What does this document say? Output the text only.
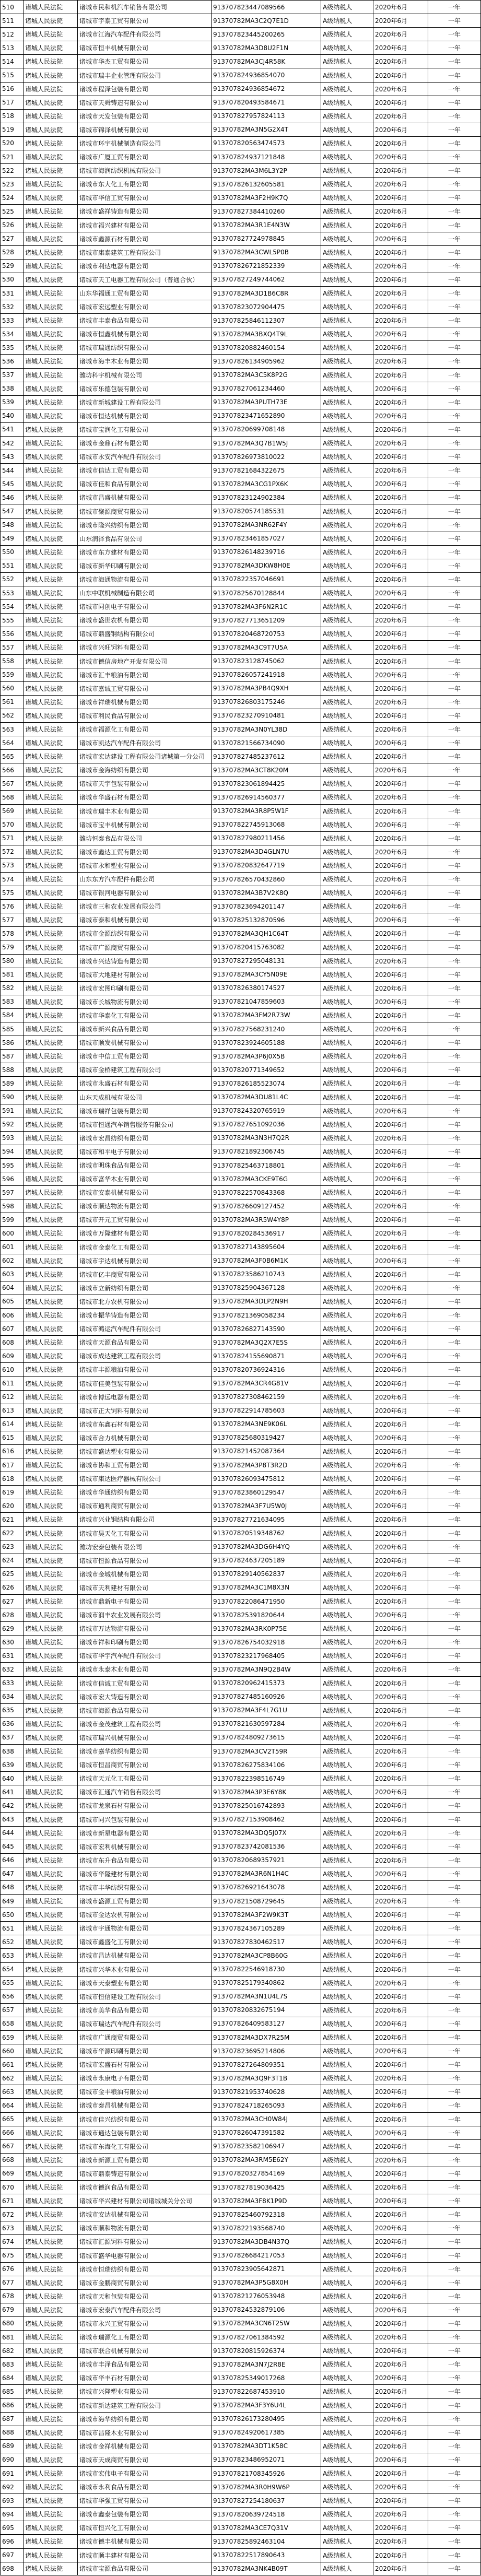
510	诸城人民法院	诸城市民和机汽车销售有限公司	913707823447089566	A级纳税人	2020年6月	一年
511	诸城人民法院	诸城市宇泰工贸有限公司	91370782MA3C2Q7E1D	A级纳税人	2020年6月	一年
512	诸城人民法院	诸城市江海汽车配件有限公司	913707823445200265	A级纳税人	2020年6月	一年
513	诸城人民法院	诸城市恒丰机械有限公司	91370782MA3D8U2F1N	A级纳税人	2020年6月	一年
514	诸城人民法院	诸城市华杰工贸有限公司	91370782MA3CJ4R58K	A级纳税人	2020年6月	一年
515	诸城人民法院	诸城市瑞丰企业管理有限公司	913707824936854070	A级纳税人	2020年6月	一年
516	诸城人民法院	诸城市程泽包装有限公司	913707824936854672	A级纳税人	2020年6月	一年
517	诸城人民法院	诸城市天舜铸造有限公司	913707820493584671	A级纳税人	2020年6月	一年
518	诸城人民法院	诸城市天发包装有限公司	913707827957824113	A级纳税人	2020年6月	一年
519	诸城人民法院	诸城市锦泽机械有限公司	91370782MA3N5G2X4T	A级纳税人	2020年6月	一年
520	诸城人民法院	诸城市环宇机械制造有限公司	913707820563474573	A级纳税人	2020年6月	一年
521	诸城人民法院	诸城市广厦工贸有限公司	913707824937121848	A级纳税人	2020年6月	一年
522	诸城人民法院	诸城市海润纺织机械有限公司	91370782MA3M6L3Y2P	A级纳税人	2020年6月	一年
523	诸城人民法院	诸城市东大化工有限公司	913707826132605581	A级纳税人	2020年6月	一年
524	诸城人民法院	诸城市华信工贸有限公司	91370782MA3F2H9K7Q	A级纳税人	2020年6月	一年
525	诸城人民法院	诸城市盛祥铸造有限公司	913707827384410260	A级纳税人	2020年6月	一年
526	诸城人民法院	诸城市福兴建材有限公司	91370782MA3R1E4N3W	A级纳税人	2020年6月	一年
527	诸城人民法院	诸城市鑫源石材有限公司	913707827724978845	A级纳税人	2020年6月	一年
528	诸城人民法院	诸城市康泰建筑工程有限公司	91370782MA3CWL5P0B	A级纳税人	2020年6月	一年
529	诸城人民法院	诸城市利达电器有限公司	913707826721852339	A级纳税人	2020年6月	一年
530	诸城人民法院	诸城市天工电器工程有限公司（普通合伙）	913707827249744062	A级纳税人	2020年6月	一年
531	诸城人民法院	山东华福通工贸有限公司	91370782MA3D1B6C8R	A级纳税人	2020年6月	一年
532	诸城人民法院	诸城市宏远塑业有限公司	913707823072904475	A级纳税人	2020年6月	一年
533	诸城人民法院	诸城市丰泰食品有限公司	913707825846112307	A级纳税人	2020年6月	一年
534	诸城人民法院	诸城市恒鑫机械有限公司	91370782MA3BXQ4T9L	A级纳税人	2020年6月	一年
535	诸城人民法院	诸城市瑞通纺织有限公司	913707820882460154	A级纳税人	2020年6月	一年
536	诸城人民法院	诸城市海丰木业有限公司	913707826134905962	A级纳税人	2020年6月	一年
537	诸城人民法院	潍坊科宇机械有限公司	91370782MA3C5K8P2G	A级纳税人	2020年6月	一年
538	诸城人民法院	诸城市乐德包装有限公司	913707827061234460	A级纳税人	2020年6月	一年
539	诸城人民法院	诸城市新城建设工程有限公司	91370782MA3PUTH73E	A级纳税人	2020年6月	一年
540	诸城人民法院	诸城市恒达机械有限公司	913707823471652890	A级纳税人	2020年6月	一年
541	诸城人民法院	诸城市宝润化工有限公司	913707820699708148	A级纳税人	2020年6月	一年
542	诸城人民法院	诸城市金鼎石材有限公司	91370782MA3Q7B1W5J	A级纳税人	2020年6月	一年
543	诸城人民法院	诸城市永安汽车配件有限公司	913707826973810022	A级纳税人	2020年6月	一年
544	诸城人民法院	诸城市信达工贸有限公司	913707821684322675	A级纳税人	2020年6月	一年
545	诸城人民法院	诸城市佳和食品有限公司	91370782MA3CG1PX6K	A级纳税人	2020年6月	一年
546	诸城人民法院	诸城市昌盛机械有限公司	913707823124902384	A级纳税人	2020年6月	一年
547	诸城人民法院	诸城市聚源商贸有限公司	913707820574185531	A级纳税人	2020年6月	一年
548	诸城人民法院	诸城市隆兴纺织有限公司	91370782MA3NR62F4Y	A级纳税人	2020年6月	一年
549	诸城人民法院	山东润泽食品有限公司	913707823461857027	A级纳税人	2020年6月	一年
550	诸城人民法院	诸城市东方建材有限公司	913707826148239716	A级纳税人	2020年6月	一年
551	诸城人民法院	诸城市新华印刷有限公司	91370782MA3DKW8H0E	A级纳税人	2020年6月	一年
552	诸城人民法院	诸城市海通物流有限公司	913707822357046691	A级纳税人	2020年6月	一年
553	诸城人民法院	山东中联机械制造有限公司	913707825670128844	A级纳税人	2020年6月	一年
554	诸城人民法院	诸城市同创电子有限公司	91370782MA3F6N2R1C	A级纳税人	2020年6月	一年
555	诸城人民法院	诸城市盛世农机有限公司	913707827713651209	A级纳税人	2020年6月	一年
556	诸城人民法院	诸城市鼎盛钢结构有限公司	913707820468720753	A级纳税人	2020年6月	一年
557	诸城人民法院	诸城市兴旺饲料有限公司	91370782MA3C9T7U5A	A级纳税人	2020年6月	一年
558	诸城人民法院	诸城市德信房地产开发有限公司	913707823128745062	A级纳税人	2020年6月	一年
559	诸城人民法院	诸城市汇丰粮油有限公司	913707826057241918	A级纳税人	2020年6月	一年
560	诸城人民法院	诸城市嘉诚工贸有限公司	91370782MA3PB4Q9XH	A级纳税人	2020年6月	一年
561	诸城人民法院	诸城市祥瑞机械有限公司	913707826803175246	A级纳税人	2020年6月	一年
562	诸城人民法院	诸城市利民食品有限公司	913707823270910481	A级纳税人	2020年6月	一年
563	诸城人民法院	诸城市福源化工有限公司	91370782MA3N0YL38D	A级纳税人	2020年6月	一年
564	诸城人民法院	诸城市凯达汽车配件有限公司	913707821566734090	A级纳税人	2020年6月	一年
565	诸城人民法院	诸城市宏达建设工程有限公司诸城第一分公司	913707827485237612	A级纳税人	2020年6月	一年
566	诸城人民法院	诸城市金海纺织有限公司	91370782MA3CT8K20M	A级纳税人	2020年6月	一年
567	诸城人民法院	诸城市天宇包装有限公司	913707823061894425	A级纳税人	2020年6月	一年
568	诸城人民法院	诸城市华盛石材有限公司	913707826914560377	A级纳税人	2020年6月	一年
569	诸城人民法院	诸城市瑞丰木业有限公司	91370782MA3R8P5W1F	A级纳税人	2020年6月	一年
570	诸城人民法院	诸城市宝丰机械有限公司	913707822745913068	A级纳税人	2020年6月	一年
571	诸城人民法院	潍坊恒泰食品有限公司	913707827980211456	A级纳税人	2020年6月	一年
572	诸城人民法院	诸城市鑫达工贸有限公司	91370782MA3D4GLN7U	A级纳税人	2020年6月	一年
573	诸城人民法院	诸城市永和塑业有限公司	913707820832647719	A级纳税人	2020年6月	一年
574	诸城人民法院	山东东方汽车配件有限公司	913707826570432860	A级纳税人	2020年6月	一年
575	诸城人民法院	诸城市银河电器有限公司	91370782MA3B7V2K8Q	A级纳税人	2020年6月	一年
576	诸城人民法院	诸城市三和农业发展有限公司	913707823694201147	A级纳税人	2020年6月	一年
577	诸城人民法院	诸城市泰和机械有限公司	913707825132870596	A级纳税人	2020年6月	一年
578	诸城人民法院	诸城市金源纺织有限公司	91370782MA3QH1C64T	A级纳税人	2020年6月	一年
579	诸城人民法院	诸城市广源商贸有限公司	913707820415763082	A级纳税人	2020年6月	一年
580	诸城人民法院	诸城市兴达铸造有限公司	913707827295048131	A级纳税人	2020年6月	一年
581	诸城人民法院	诸城市大地建材有限公司	91370782MA3CY5N09E	A级纳税人	2020年6月	一年
582	诸城人民法院	诸城市宏图印刷有限公司	913707826380174527	A级纳税人	2020年6月	一年
583	诸城人民法院	诸城市长城物流有限公司	913707821047859603	A级纳税人	2020年6月	一年
584	诸城人民法院	诸城市华泰化工有限公司	91370782MA3FM2R73W	A级纳税人	2020年6月	一年
585	诸城人民法院	诸城市新兴食品有限公司	913707827568231240	A级纳税人	2020年6月	一年
586	诸城人民法院	诸城市顺发机械有限公司	913707823924605188	A级纳税人	2020年6月	一年
587	诸城人民法院	诸城市中信工贸有限公司	91370782MA3P6J0X5B	A级纳税人	2020年6月	一年
588	诸城人民法院	诸城市金桥建筑工程有限公司	913707820771349652	A级纳税人	2020年6月	一年
589	诸城人民法院	诸城市永盛石材有限公司	913707826185523074	A级纳税人	2020年6月	一年
590	诸城人民法院	山东天成机械有限公司	91370782MA3DU81L4C	A级纳税人	2020年6月	一年
591	诸城人民法院	诸城市瑞祥包装有限公司	913707824320765919	A级纳税人	2020年6月	一年
592	诸城人民法院	诸城市恒通汽车销售服务有限公司	913707827651092036	A级纳税人	2020年6月	一年
593	诸城人民法院	诸城市宏昌纺织有限公司	91370782MA3N3H7Q2R	A级纳税人	2020年6月	一年
594	诸城人民法院	诸城市和平电子有限公司	913707821892306745	A级纳税人	2020年6月	一年
595	诸城人民法院	诸城市明珠食品有限公司	913707825463718801	A级纳税人	2020年6月	一年
596	诸城人民法院	诸城市富华木业有限公司	91370782MA3CKE9T6G	A级纳税人	2020年6月	一年
597	诸城人民法院	诸城市安泰机械有限公司	913707822570843368	A级纳税人	2020年6月	一年
598	诸城人民法院	诸城市顺达物流有限公司	913707826609127452	A级纳税人	2020年6月	一年
599	诸城人民法院	诸城市开元工贸有限公司	91370782MA3R5W4Y8P	A级纳税人	2020年6月	一年
600	诸城人民法院	诸城市万隆建材有限公司	913707820284536917	A级纳税人	2020年6月	一年
601	诸城人民法院	诸城市金泰化工有限公司	913707827143895604	A级纳税人	2020年6月	一年
602	诸城人民法院	诸城市宇达机械有限公司	91370782MA3F0B6M1K	A级纳税人	2020年6月	一年
603	诸城人民法院	诸城市亿丰商贸有限公司	913707823586210743	A级纳税人	2020年6月	一年
604	诸城人民法院	诸城市立新纺织有限公司	913707825904367128	A级纳税人	2020年6月	一年
605	诸城人民法院	诸城市北方农机有限公司	91370782MA3DLP2N9H	A级纳税人	2020年6月	一年
606	诸城人民法院	诸城市振华铸造有限公司	913707821369058234	A级纳税人	2020年6月	一年
607	诸城人民法院	诸城市鸿运汽车配件有限公司	913707826827143590	A级纳税人	2020年6月	一年
608	诸城人民法院	诸城市天源食品有限公司	91370782MA3Q2X7E5S	A级纳税人	2020年6月	一年
609	诸城人民法院	诸城市成达建筑工程有限公司	913707824155690871	A级纳税人	2020年6月	一年
610	诸城人民法院	诸城市丰源粮油有限公司	913707820736924316	A级纳税人	2020年6月	一年
611	诸城人民法院	诸城市佳美包装有限公司	91370782MA3CR4G81V	A级纳税人	2020年6月	一年
612	诸城人民法院	诸城市博远电器有限公司	913707827308462159	A级纳税人	2020年6月	一年
613	诸城人民法院	诸城市正大饲料有限公司	913707822914785603	A级纳税人	2020年6月	一年
614	诸城人民法院	诸城市东鑫石材有限公司	91370782MA3NE9K06L	A级纳税人	2020年6月	一年
615	诸城人民法院	诸城市合力机械有限公司	913707825680319427	A级纳税人	2020年6月	一年
616	诸城人民法院	诸城市盛达塑业有限公司	913707821452087364	A级纳税人	2020年6月	一年
617	诸城人民法院	诸城市协和工贸有限公司	91370782MA3P8T3R2D	A级纳税人	2020年6月	一年
618	诸城人民法院	诸城市康达医疗器械有限公司	913707826093475812	A级纳税人	2020年6月	一年
619	诸城人民法院	诸城市华通纺织有限公司	913707823860129547	A级纳税人	2020年6月	一年
620	诸城人民法院	诸城市通利商贸有限公司	91370782MA3F7U5W0J	A级纳税人	2020年6月	一年
621	诸城人民法院	诸城市兴业钢结构有限公司	913707827721634095	A级纳税人	2020年6月	一年
622	诸城人民法院	诸城市昊天化工有限公司	913707820519348762	A级纳税人	2020年6月	一年
623	诸城人民法院	潍坊宏泰包装有限公司	91370782MA3DG6H4YQ	A级纳税人	2020年6月	一年
624	诸城人民法院	诸城市恒源食品有限公司	913707824637205189	A级纳税人	2020年6月	一年
625	诸城人民法院	诸城市金城机械有限公司	913707829140562837	A级纳税人	2020年6月	一年
626	诸城人民法院	诸城市天利建材有限公司	91370782MA3C1M8X3N	A级纳税人	2020年6月	一年
627	诸城人民法院	诸城市鼎新电子有限公司	913707822086471950	A级纳税人	2020年6月	一年
628	诸城人民法院	诸城市润丰农业发展有限公司	913707825391820644	A级纳税人	2020年6月	一年
629	诸城人民法院	诸城市万达物流有限公司	91370782MA3RK0P75E	A级纳税人	2020年6月	一年
630	诸城人民法院	诸城市祥和印刷有限公司	913707826754032918	A级纳税人	2020年6月	一年
631	诸城人民法院	诸城市华宇汽车配件有限公司	913707823217968405	A级纳税人	2020年6月	一年
632	诸城人民法院	诸城市永泰木业有限公司	91370782MA3N9Q2B4W	A级纳税人	2020年6月	一年
633	诸城人民法院	诸城市信诚工贸有限公司	913707820962415373	A级纳税人	2020年6月	一年
634	诸城人民法院	诸城市宏大铸造有限公司	913707827485160926	A级纳税人	2020年6月	一年
635	诸城人民法院	诸城市海源食品有限公司	91370782MA3F4L7G1U	A级纳税人	2020年6月	一年
636	诸城人民法院	诸城市金茂建筑工程有限公司	913707821630597284	A级纳税人	2020年6月	一年
637	诸城人民法院	诸城市瑞兴机械有限公司	913707824809273615	A级纳税人	2020年6月	一年
638	诸城人民法院	诸城市嘉华纺织有限公司	91370782MA3CV2T59R	A级纳税人	2020年6月	一年
639	诸城人民法院	诸城市恒昌商贸有限公司	913707826275834106	A级纳税人	2020年6月	一年
640	诸城人民法院	诸城市天元化工有限公司	913707822398516749	A级纳税人	2020年6月	一年
641	诸城人民法院	诸城市汇通汽车销售有限公司	91370782MA3P3E6Y8K	A级纳税人	2020年6月	一年
642	诸城人民法院	诸城市龙泉石材有限公司	913707825016742893	A级纳税人	2020年6月	一年
643	诸城人民法院	诸城市同兴包装有限公司	913707827153908462	A级纳税人	2020年6月	一年
644	诸城人民法院	诸城市新星电器有限公司	91370782MA3DQ5J07X	A级纳税人	2020年6月	一年
645	诸城人民法院	诸城市宏利机械有限公司	913707823742081536	A级纳税人	2020年6月	一年
646	诸城人民法院	诸城市东升食品有限公司	913707820689357921	A级纳税人	2020年6月	一年
647	诸城人民法院	诸城市华隆建材有限公司	91370782MA3R6N1H4C	A级纳税人	2020年6月	一年
648	诸城人民法院	诸城市丰华纺织有限公司	913707826921643078	A级纳税人	2020年6月	一年
649	诸城人民法院	诸城市盛源工贸有限公司	913707821508729645	A级纳税人	2020年6月	一年
650	诸城人民法院	诸城市金达农机有限公司	91370782MA3F2W9K3T	A级纳税人	2020年6月	一年
651	诸城人民法院	诸城市宇通物流有限公司	913707824367105289	A级纳税人	2020年6月	一年
652	诸城人民法院	诸城市鑫盛化工有限公司	913707827830462517	A级纳税人	2020年6月	一年
653	诸城人民法院	诸城市昌达机械有限公司	91370782MA3CP8B60G	A级纳税人	2020年6月	一年
654	诸城人民法院	诸城市兴华木业有限公司	913707822546918730	A级纳税人	2020年6月	一年
655	诸城人民法院	诸城市天泰塑业有限公司	913707825179340862	A级纳税人	2020年6月	一年
656	诸城人民法院	诸城市恒信建设工程有限公司	91370782MA3N1U4L7S	A级纳税人	2020年6月	一年
657	诸城人民法院	诸城市美华食品有限公司	913707820832675194	A级纳税人	2020年6月	一年
658	诸城人民法院	诸城市瑞达汽车配件有限公司	913707826409583127	A级纳税人	2020年6月	一年
659	诸城人民法院	诸城市广通商贸有限公司	91370782MA3DX7R25M	A级纳税人	2020年6月	一年
660	诸城人民法院	诸城市华源印刷有限公司	913707823695214806	A级纳税人	2020年6月	一年
661	诸城人民法院	诸城市宏盛石材有限公司	913707827264809351	A级纳税人	2020年6月	一年
662	诸城人民法院	诸城市永康电子有限公司	91370782MA3Q9F3T1B	A级纳税人	2020年6月	一年
663	诸城人民法院	诸城市金丰粮油有限公司	913707821953740628	A级纳税人	2020年6月	一年
664	诸城人民法院	诸城市泰昌机械有限公司	913707824718265093	A级纳税人	2020年6月	一年
665	诸城人民法院	诸城市佳兴纺织有限公司	91370782MA3CH0W84J	A级纳税人	2020年6月	一年
666	诸城人民法院	诸城市通达包装有限公司	913707826047391582	A级纳税人	2020年6月	一年
667	诸城人民法院	诸城市东海化工有限公司	913707823582106947	A级纳税人	2020年6月	一年
668	诸城人民法院	诸城市新源工贸有限公司	91370782MA3RM5E62Y	A级纳税人	2020年6月	一年
669	诸城人民法院	诸城市鼎泰铸造有限公司	913707820327854169	A级纳税人	2020年6月	一年
670	诸城人民法院	诸城市德润食品有限公司	913707827819036425	A级纳税人	2020年6月	一年
671	诸城人民法院	诸城市华兴建材有限公司诸城城关分公司	91370782MA3F8K1P9D	A级纳税人	2020年6月	一年
672	诸城人民法院	诸城市安达机械有限公司	913707825460792318	A级纳税人	2020年6月	一年
673	诸城人民法院	诸城市顺和物流有限公司	913707822193568740	A级纳税人	2020年6月	一年
674	诸城人民法院	诸城市汇源饲料有限公司	91370782MA3DB4N37Q	A级纳税人	2020年6月	一年
675	诸城人民法院	诸城市盛华电器有限公司	913707826684217053	A级纳税人	2020年6月	一年
676	诸城人民法院	诸城市恒瑞纺织有限公司	913707823905642871	A级纳税人	2020年6月	一年
677	诸城人民法院	诸城市金鹏商贸有限公司	91370782MA3P5G8X0H	A级纳税人	2020年6月	一年
678	诸城人民法院	诸城市天和包装有限公司	913707821276053948	A级纳税人	2020年6月	一年
679	诸城人民法院	诸城市宏泰汽车配件有限公司	913707824532879106	A级纳税人	2020年6月	一年
680	诸城人民法院	诸城市永兴工贸有限公司	91370782MA3CN6T25W	A级纳税人	2020年6月	一年
681	诸城人民法院	诸城市瑞源化工有限公司	913707827061384592	A级纳税人	2020年6月	一年
682	诸城人民法院	诸城市联合机械有限公司	913707820815926374	A级纳税人	2020年6月	一年
683	诸城人民法院	诸城市丰泽食品有限公司	91370782MA3N7J2R8E	A级纳税人	2020年6月	一年
684	诸城人民法院	诸城市华丰石材有限公司	913707825349017268	A级纳税人	2020年6月	一年
685	诸城人民法院	诸城市兴隆塑业有限公司	913707822687453910	A级纳税人	2020年6月	一年
686	诸城人民法院	诸城市新达建筑工程有限公司	91370782MA3F3Y6U4L	A级纳税人	2020年6月	一年
687	诸城人民法院	诸城市海华纺织有限公司	913707826173280495	A级纳税人	2020年6月	一年
688	诸城人民法院	诸城市昌隆木业有限公司	913707824920617385	A级纳税人	2020年6月	一年
689	诸城人民法院	诸城市金祥机械有限公司	91370782MA3DT1K58C	A级纳税人	2020年6月	一年
690	诸城人民法院	诸城市天成商贸有限公司	913707823486952071	A级纳税人	2020年6月	一年
691	诸城人民法院	诸城市宏伟电子有限公司	913707821708345926	A级纳税人	2020年6月	一年
692	诸城人民法院	诸城市永利食品有限公司	91370782MA3R0H9W6P	A级纳税人	2020年6月	一年
693	诸城人民法院	诸城市华强工贸有限公司	913707827254180637	A级纳税人	2020年6月	一年
694	诸城人民法院	诸城市鑫泰包装有限公司	913707820639724518	A级纳税人	2020年6月	一年
695	诸城人民法院	诸城市恒兴化工有限公司	91370782MA3CE7Q31V	A级纳税人	2020年6月	一年
696	诸城人民法院	诸城市德丰机械有限公司	913707825892463104	A级纳税人	2020年6月	一年
697	诸城人民法院	诸城市顺丰建材有限公司	913707822517890643	A级纳税人	2020年6月	一年
698	诸城人民法院	诸城市宝源食品有限公司	91370782MA3NK4B09T	A级纳税人	2020年6月	一年
